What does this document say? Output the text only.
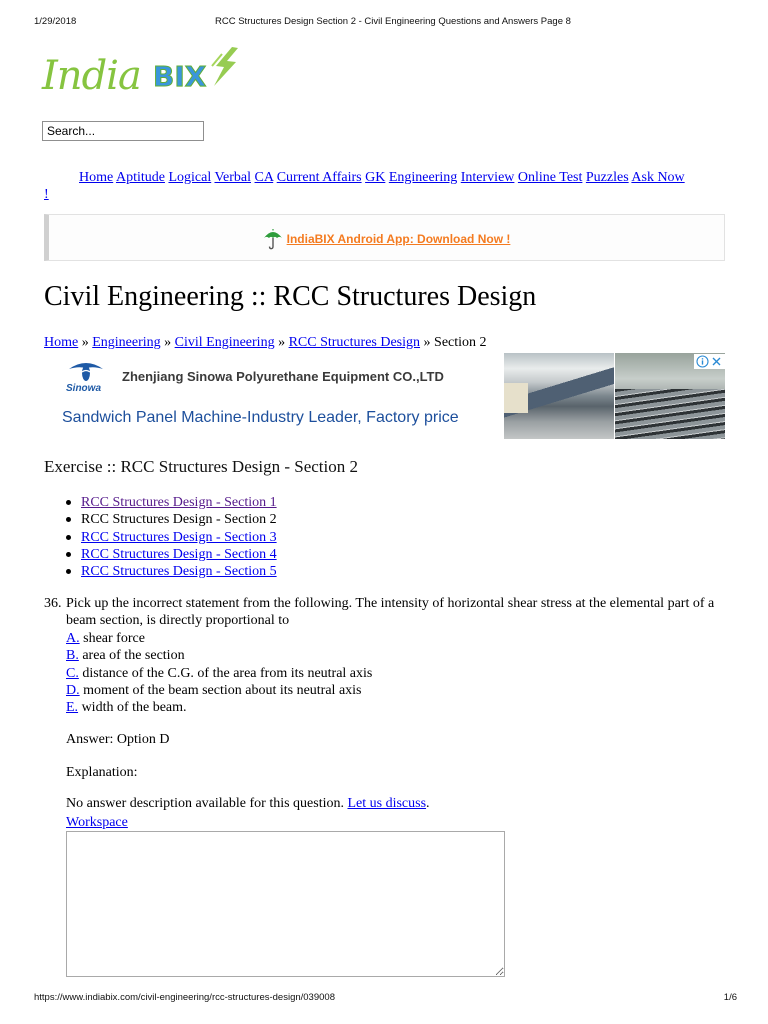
1/29/2018	RCC Structures Design Section 2 - Civil Engineering Questions and Answers Page 8
India BIX
Search...
Home Aptitude Logical Verbal CA Current Affairs GK Engineering Interview Online Test Puzzles Ask Now
!
IndiaBIX Android App: Download Now !
Civil Engineering :: RCC Structures Design
Home » Engineering » Civil Engineering » RCC Structures Design » Section 2
Sinowa
Zhenjiang Sinowa Polyurethane Equipment CO.,LTD
Sandwich Panel Machine-Industry Leader, Factory price
Exercise :: RCC Structures Design - Section 2
RCC Structures Design - Section 1
RCC Structures Design - Section 2
RCC Structures Design - Section 3
RCC Structures Design - Section 4
RCC Structures Design - Section 5
36. Pick up the incorrect statement from the following. The intensity of horizontal shear stress at the elemental part of a beam section, is directly proportional to
A. shear force
B. area of the section
C. distance of the C.G. of the area from its neutral axis
D. moment of the beam section about its neutral axis
E. width of the beam.
Answer: Option D
Explanation:
No answer description available for this question. Let us discuss.
Workspace
https://www.indiabix.com/civil-engineering/rcc-structures-design/039008	1/6
